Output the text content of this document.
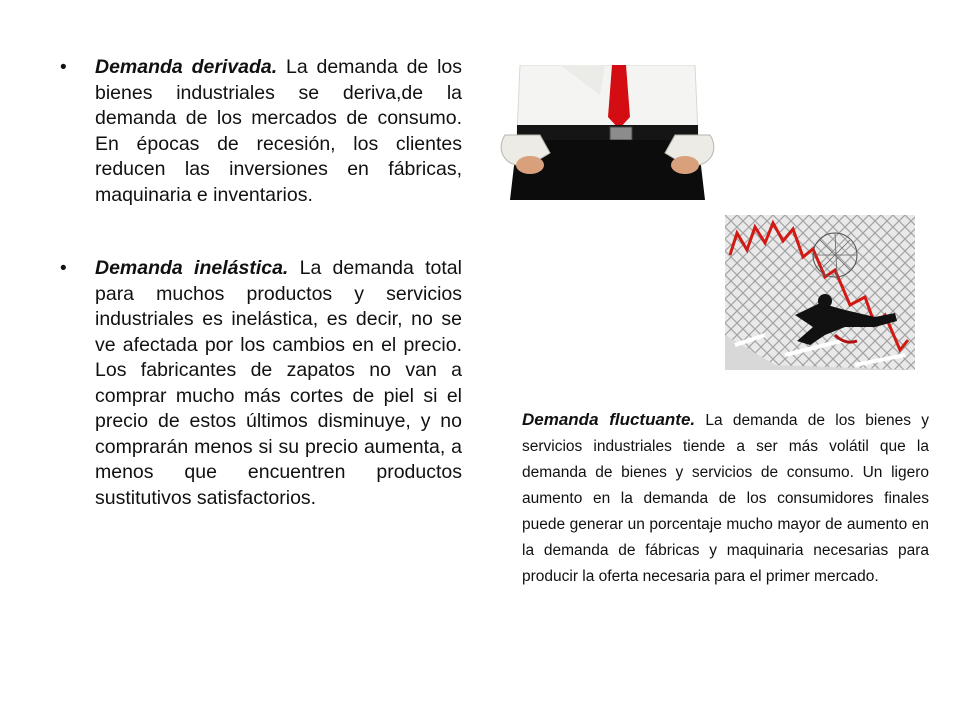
• Demanda derivada. La demanda de los bienes industriales se deriva,de la demanda de los mercados de consumo. En épocas de recesión, los clientes reducen las inversiones en fábricas, maquinaria e inventarios.
• Demanda inelástica. La demanda total para muchos productos y servicios industriales es inelástica, es decir, no se ve afectada por los cambios en el precio. Los fabricantes de zapatos no van a comprar mucho más cortes de piel si el precio de estos últimos disminuye, y no comprarán menos si su precio aumenta, a menos que encuentren productos sustitutivos satisfactorios.
Demanda fluctuante. La demanda de los bienes y servicios industriales tiende a ser más volátil que la demanda de bienes y servicios de consumo. Un ligero aumento en la demanda de los consumidores finales puede generar un porcentaje mucho mayor de aumento en la demanda de fábricas y maquinaria necesarias para producir la oferta necesaria para el primer mercado.
